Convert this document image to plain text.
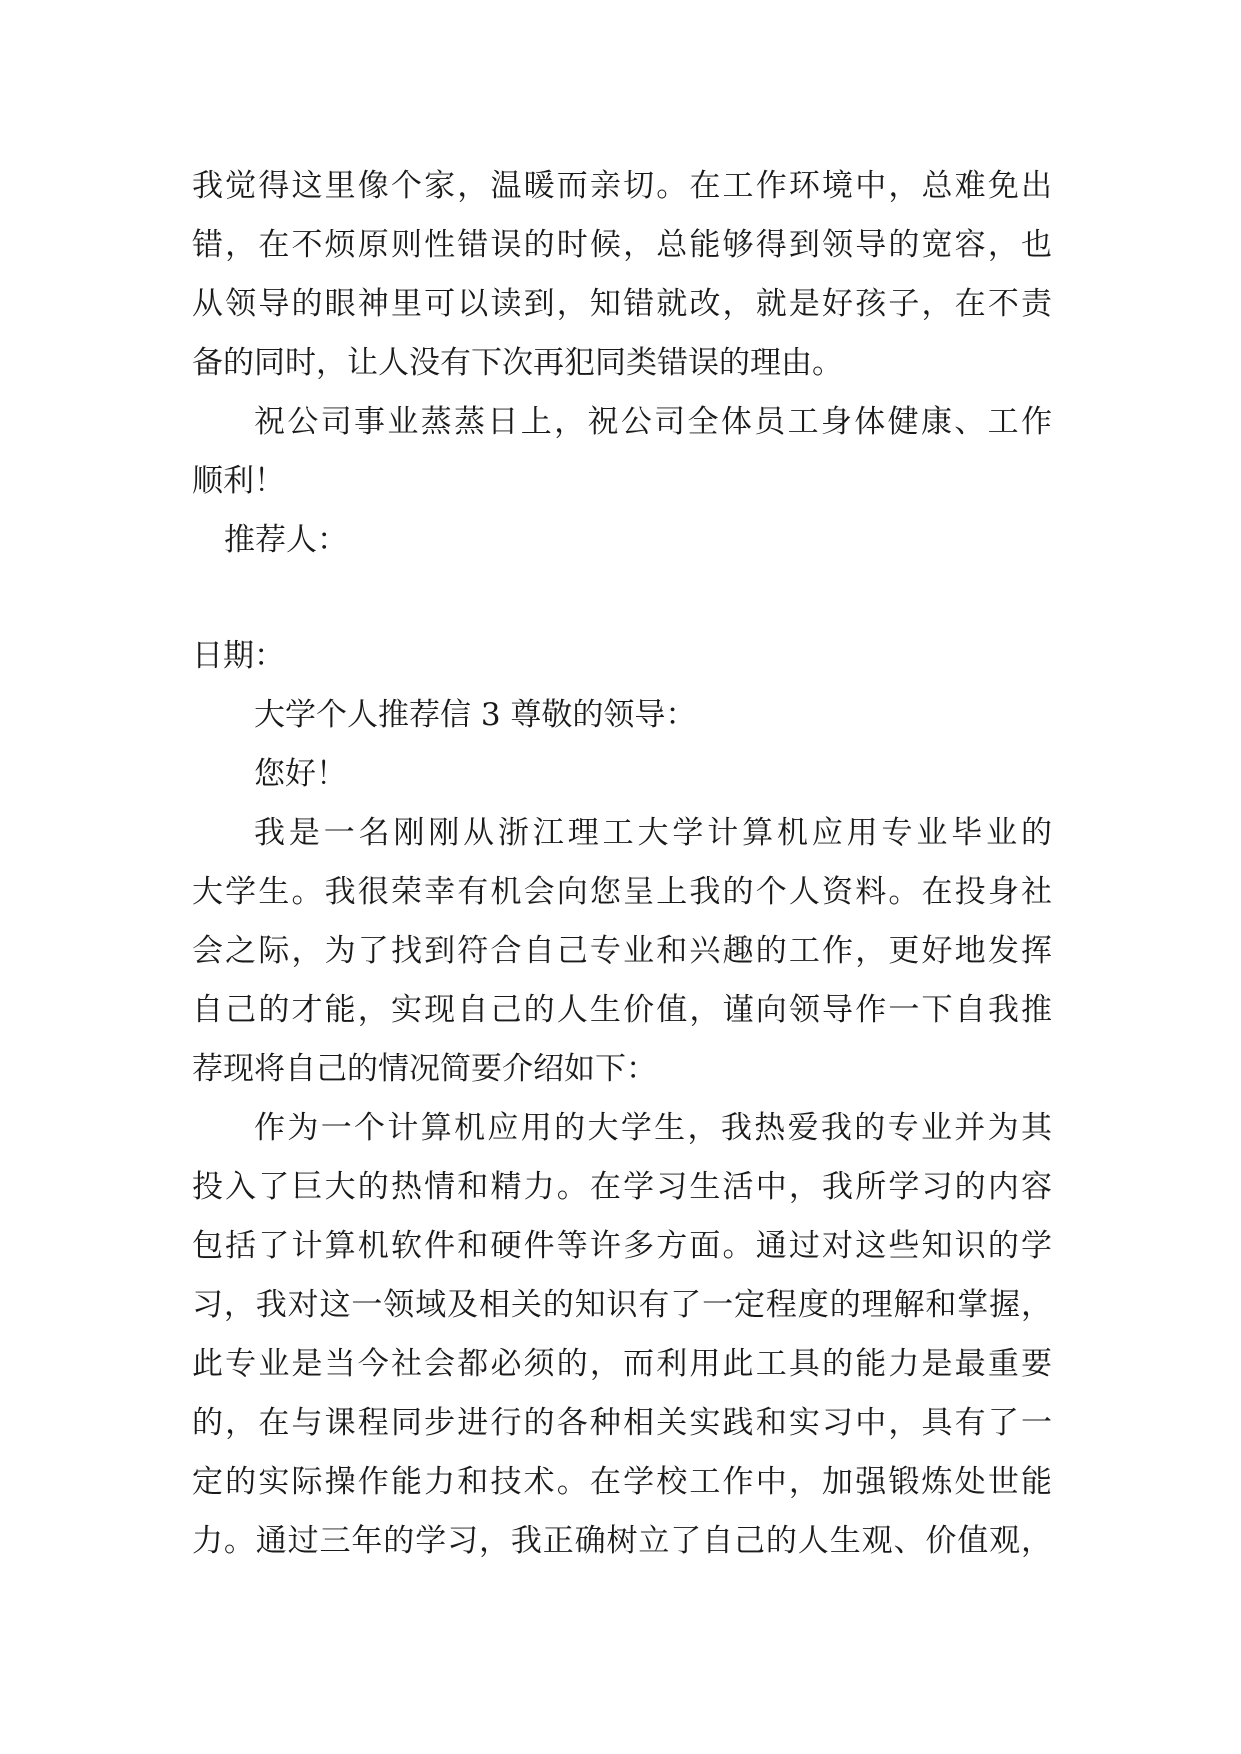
我觉得这里像个家，温暖而亲切。在工作环境中，总难免出

错，在不烦原则性错误的时候，总能够得到领导的宽容，也

从领导的眼神里可以读到，知错就改，就是好孩子，在不责

备的同时，让人没有下次再犯同类错误的理由。

祝公司事业蒸蒸日上，祝公司全体员工身体健康、工作

顺利！

推荐人：

日期：

大学个人推荐信 3 尊敬的领导：

您好！

我是一名刚刚从浙江理工大学计算机应用专业毕业的

大学生。我很荣幸有机会向您呈上我的个人资料。在投身社

会之际，为了找到符合自己专业和兴趣的工作，更好地发挥

自己的才能，实现自己的人生价值，谨向领导作一下自我推

荐现将自己的情况简要介绍如下：

作为一个计算机应用的大学生，我热爱我的专业并为其

投入了巨大的热情和精力。在学习生活中，我所学习的内容

包括了计算机软件和硬件等许多方面。通过对这些知识的学

习，我对这一领域及相关的知识有了一定程度的理解和掌握，

此专业是当今社会都必须的，而利用此工具的能力是最重要

的，在与课程同步进行的各种相关实践和实习中，具有了一

定的实际操作能力和技术。在学校工作中，加强锻炼处世能

力。通过三年的学习，我正确树立了自己的人生观、价值观，
